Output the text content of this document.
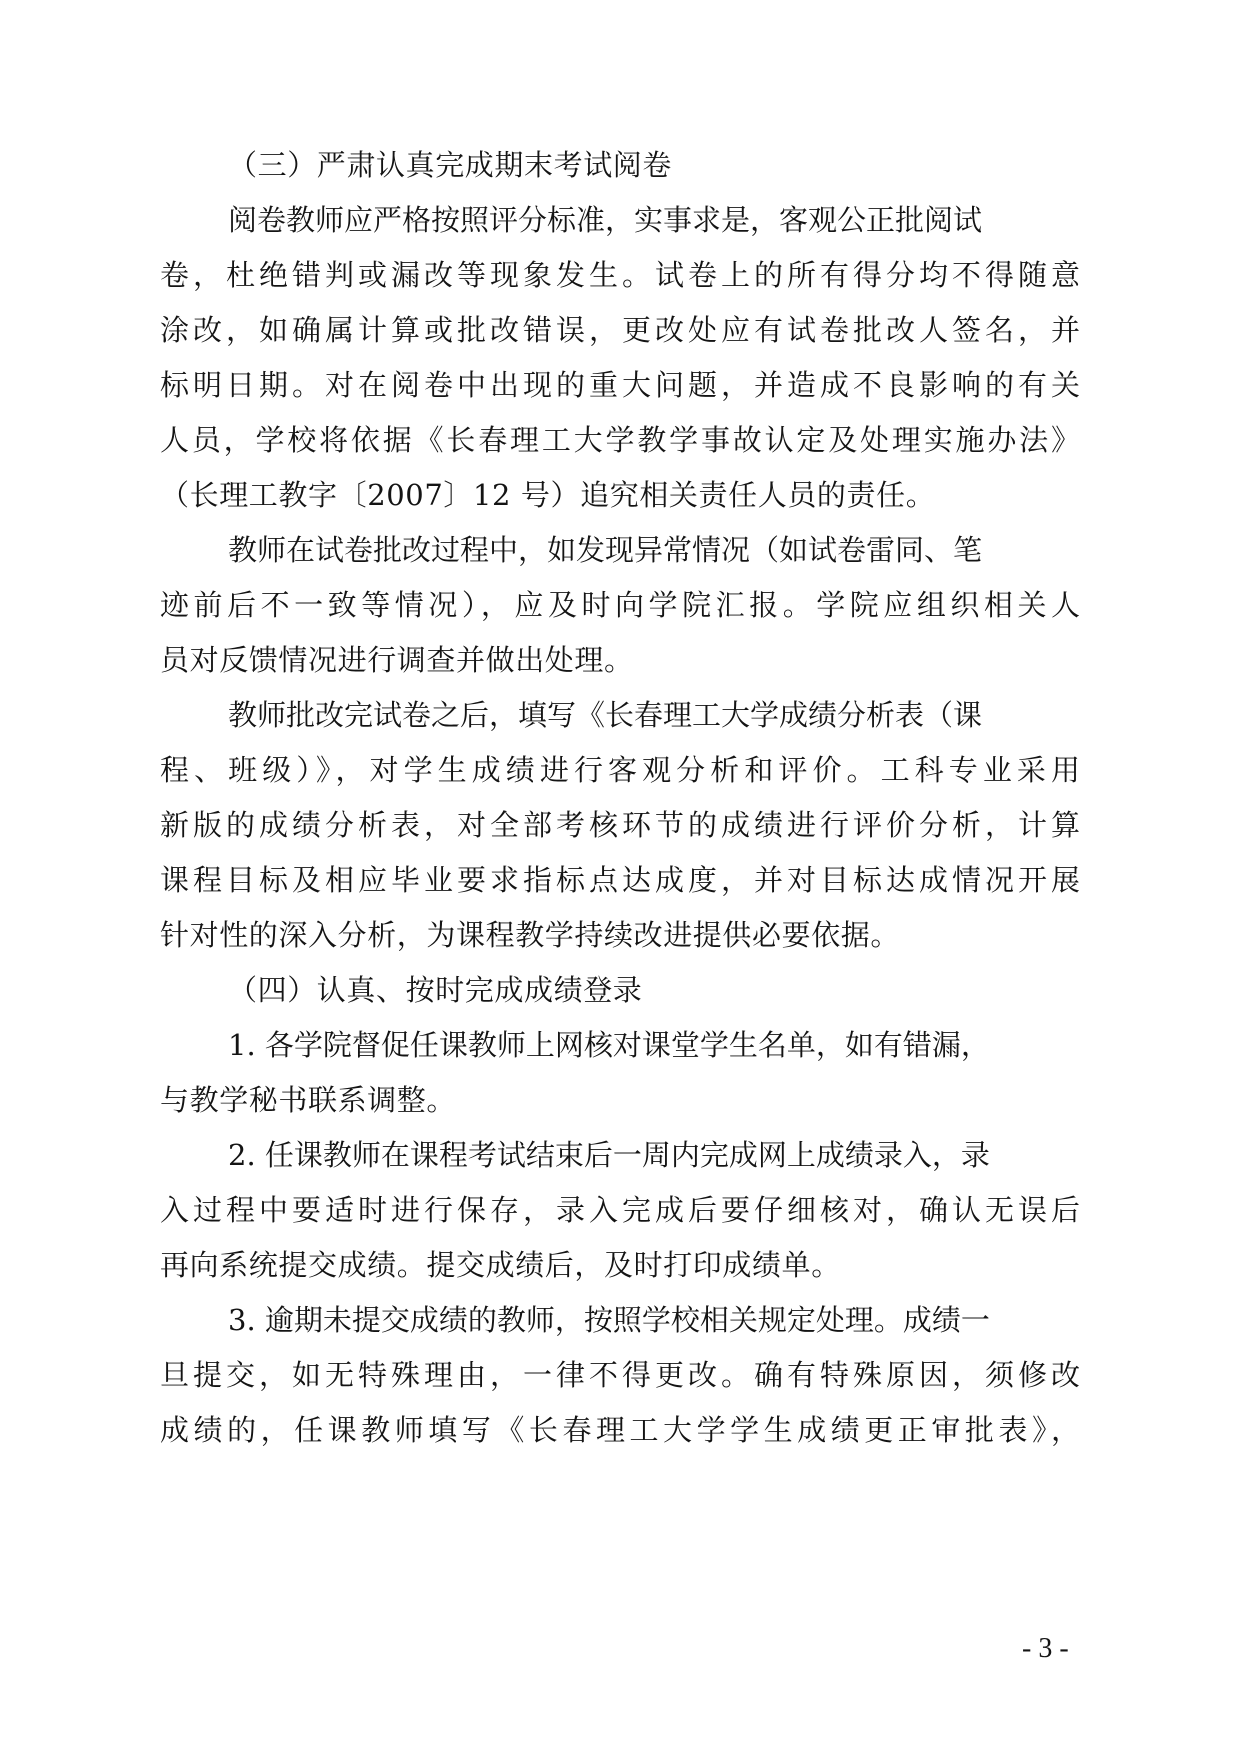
（三）严肃认真完成期末考试阅卷
阅卷教师应严格按照评分标准，实事求是，客观公正批阅试
卷，杜绝错判或漏改等现象发生。试卷上的所有得分均不得随意
涂改，如确属计算或批改错误，更改处应有试卷批改人签名，并
标明日期。对在阅卷中出现的重大问题，并造成不良影响的有关
人员，学校将依据《长春理工大学教学事故认定及处理实施办法》
（长理工教字〔2007〕12 号）追究相关责任人员的责任。
教师在试卷批改过程中，如发现异常情况（如试卷雷同、笔
迹前后不一致等情况），应及时向学院汇报。学院应组织相关人
员对反馈情况进行调查并做出处理。
教师批改完试卷之后，填写《长春理工大学成绩分析表（课
程、班级）》，对学生成绩进行客观分析和评价。工科专业采用
新版的成绩分析表，对全部考核环节的成绩进行评价分析，计算
课程目标及相应毕业要求指标点达成度，并对目标达成情况开展
针对性的深入分析，为课程教学持续改进提供必要依据。
（四）认真、按时完成成绩登录
1. 各学院督促任课教师上网核对课堂学生名单，如有错漏，
与教学秘书联系调整。
2. 任课教师在课程考试结束后一周内完成网上成绩录入，录
入过程中要适时进行保存，录入完成后要仔细核对，确认无误后
再向系统提交成绩。提交成绩后，及时打印成绩单。
3. 逾期未提交成绩的教师，按照学校相关规定处理。成绩一
旦提交，如无特殊理由，一律不得更改。确有特殊原因，须修改
成绩的，任课教师填写《长春理工大学学生成绩更正审批表》，
- 3 -
